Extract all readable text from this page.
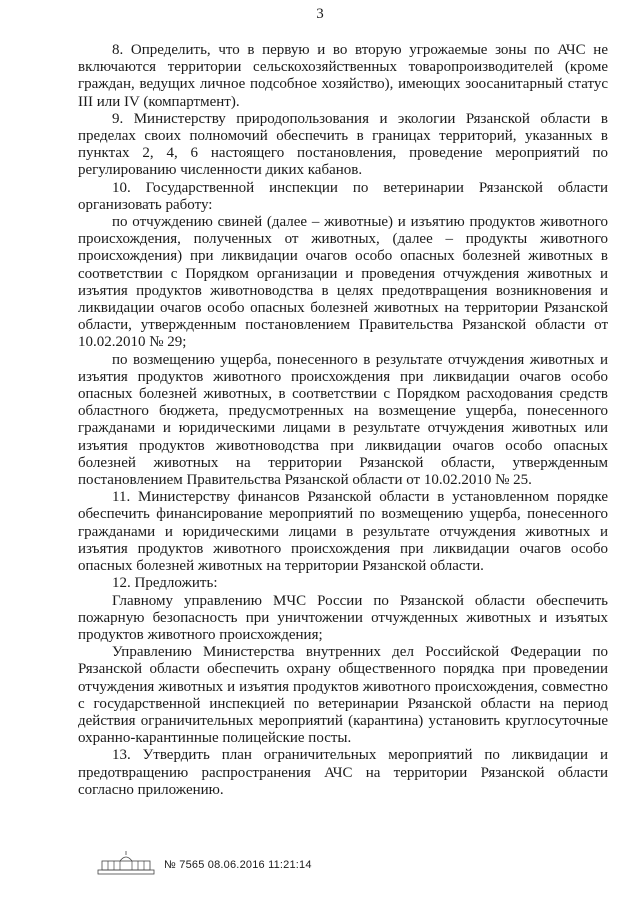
3

8. Определить, что в первую и во вторую угрожаемые зоны по АЧС не включаются территории сельскохозяйственных товаропроизводителей (кроме граждан, ведущих личное подсобное хозяйство), имеющих зоосанитарный статус III или IV (компартмент).

9. Министерству природопользования и экологии Рязанской области в пределах своих полномочий обеспечить в границах территорий, указанных в пунктах 2, 4, 6 настоящего постановления, проведение мероприятий по регулированию численности диких кабанов.

10. Государственной инспекции по ветеринарии Рязанской области организовать работу:

по отчуждению свиней (далее – животные) и изъятию продуктов животного происхождения, полученных от животных, (далее – продукты животного происхождения) при ликвидации очагов особо опасных болезней животных в соответствии с Порядком организации и проведения отчуждения животных и изъятия продуктов животноводства в целях предотвращения возникновения и ликвидации очагов особо опасных болезней животных на территории Рязанской области, утвержденным постановлением Правительства Рязанской области от 10.02.2010 № 29;

по возмещению ущерба, понесенного в результате отчуждения животных и изъятия продуктов животного происхождения при ликвидации очагов особо опасных болезней животных, в соответствии с Порядком расходования средств областного бюджета, предусмотренных на возмещение ущерба, понесенного гражданами и юридическими лицами в результате отчуждения животных или изъятия продуктов животноводства при ликвидации очагов особо опасных болезней животных на территории Рязанской области, утвержденным постановлением Правительства Рязанской области от 10.02.2010 № 25.

11. Министерству финансов Рязанской области в установленном порядке обеспечить финансирование мероприятий по возмещению ущерба, понесенного гражданами и юридическими лицами в результате отчуждения животных и изъятия продуктов животного происхождения при ликвидации очагов особо опасных болезней животных на территории Рязанской области.

12. Предложить:

Главному управлению МЧС России по Рязанской области обеспечить пожарную безопасность при уничтожении отчужденных животных и изъятых продуктов животного происхождения;

Управлению Министерства внутренних дел Российской Федерации по Рязанской области обеспечить охрану общественного порядка при проведении отчуждения животных и изъятия продуктов животного происхождения, совместно с государственной инспекцией по ветеринарии Рязанской области на период действия ограничительных мероприятий (карантина) установить круглосуточные охранно-карантинные полицейские посты.

13. Утвердить план ограничительных мероприятий по ликвидации и предотвращению распространения АЧС на территории Рязанской области согласно приложению.

№ 7565 08.06.2016 11:21:14
